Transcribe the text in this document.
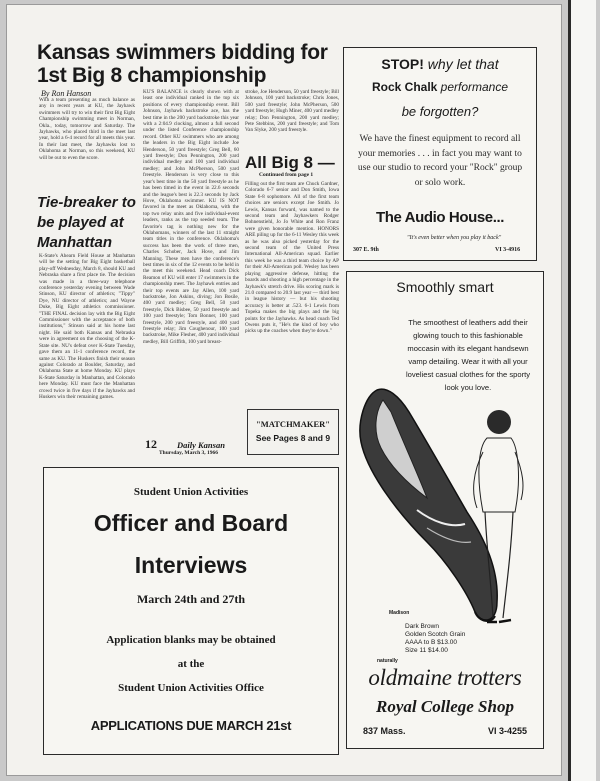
Kansas swimmers bidding for 1st Big 8 championship
By Ron Hanson

With a team presenting as much balance as any in recent years at KU, the Jayhawk swimmers will try to win their first Big Eight Championship swimming meet in Norman, Okla., today, tomorrow and Saturday. The Jayhawks, who placed third in the meet last year, hold a 6-4 record for all meets this year. In their last meet, the Jayhawks lost to Oklahoma at Norman, so this weekend, KU will be out to even the score.

Tie-breaker to be played at Manhattan

K-State's Ahearn Field House at Manhattan will be the setting for Big Eight basketball play-off Wednesday, March 8, should KU and Nebraska share a first place tie. The decision was made in a three-way telephone conference yesterday evening between Wade Stinson, KU director of athletics; "Tippy" Dye, NU director of athletics; and Wayne Duke, Big Eight athletics commissioner. "THE FINAL decision lay with the Big Eight Commissioner with the acceptance of both institutions," Stinson said at his home last night. He said both Kansas and Nebraska were in agreement on the choosing of the K-State site. NU's defeat over K-State Tuesday, gave them an 11-1 conference record, the same as KU. The Huskers finish their season against Colorado at Boulder, Saturday, and Oklahoma State at home Monday. KU plays K-State Saturday in Manhattan, and Colorado here Monday. KU must face the Manhattan crowd twice in five days if the Jayhawks and Huskers win their remaining games.

KU'S BALANCE is clearly shown with at least one individual ranked in the top six positions of every championship event. Bill Johnson, Jayhawk backstroke ace, has the best time in the 200 yard backstroke this year with a 2:04.9 clocking, almost a full second under the listed Conference championship record. Other KU swimmers who are among the leaders in the Big Eight include Joe Henderson, 50 yard freestyle; Greg Bell, 60 yard freestyle; Don Pennington, 200 yard individual medley and 100 yard individual medley; and John McPherson, 500 yard freestyle. Henderson is very close to this year's best time in the 50 yard freestyle as he has been timed in the event in 22.6 seconds and the league's best is 22.3 seconds by Jack Hove, Oklahoma swimmer. KU IS NOT favored in the meet as Oklahoma, with the top two relay units and five individual-event leaders, ranks as the top seeded team. The favorite's tag is nothing new for the Oklahomans, winners of the last 11 straight team titles in the conference. Oklahoma's success has been the work of three men, Charles Schober, Jack Hove, and Jim Manning. These men have the conference's best times in six of the 12 events to be held in the meet this weekend. Head coach Dick Reamon of KU will enter 17 swimmers in the championship meet. The Jayhawk entries and their top events are Jay Allen, 100 yard backstroke, Jon Askins, diving; Jon Bosile, 400 yard medley; Greg Bell, 50 yard freestyle, Dick Bisbee, 50 yard freestyle and 100 yard freestyle; Tom Bonner, 100 yard freestyle, 200 yard freestyle, and 400 yard freestyle relay; Jim Coughenour, 100 yard backstroke, Mike Flesher, 400 yard individual medley, Bill Griffith, 100 yard breast-

stroke, Joe Henderson, 50 yard freestyle; Bill Johnson, 100 yard backstroke; Chris Jones, 500 yard freestyle; John McPherson, 500 yard freestyle; Hugh Miner, 400 yard medley relay; Don Pennington, 200 yard medley; Pete Stebbins, 200 yard freestyle; and Tom Van Slyke, 200 yard freestyle.

All Big 8 —
Continued from page 1

Filling out the first team are Chuck Gardner, Colorado 6-7 senior and Don Smith, Iowa State 6-8 sophomore. All of the first team choices are seniors except Joe Smith. Jo Lewis, Kansas forward, was named to the second team and Jayhawkers Rodger Bohnenstiehl, Jo Jo White and Ron Franz were given honorable mention. HONORS ARE piling up for the 6-11 Wesley this week as he was also picked yesterday for the second team of the United Press International All-American squad. Earlier this week he was a third team choice by AP for their All-American poll. Wesley has been playing aggressive defense, hitting the boards and shooting a high percentage in the Jayhawk's stretch drive. His scoring mark is 21.0 compared to 20.9 last year — third best in league history — but his shooting accuracy is better at .523. 6-1 Lewis from Topeka makes the big plays and the big points for the Jayhawks. As head coach Ted Owens puts it, "He's the kind of boy who picks up the coaches when they're down."

"MATCHMAKER"
See Pages 8 and 9
12 Daily Kansan
Thursday, March 3, 1966
STOP! why let that
Rock Chalk performance
be forgotten?
We have the finest equipment to record all your memories . . . in fact you may want to use our studio to record your "Rock" group or solo work.
The Audio House...
"It's even better when you play it back"
307 E. 9th	VI 3-4916
Smoothly smart
The smoothest of leathers add their glowing touch to this fashionable moccasin with its elegant handsewn vamp detailing. Wear it with all your loveliest casual clothes for the sporty look you love.
Madison
Dark Brown
Golden Scotch Grain
AAAA to B $13.00
Size 11 $14.00
naturally
oldmaine trotters
Royal College Shop
837 Mass.	VI 3-4255
Student Union Activities
Officer and Board
Interviews
March 24th and 27th
Application blanks may be obtained
at the
Student Union Activities Office
APPLICATIONS DUE MARCH 21st
